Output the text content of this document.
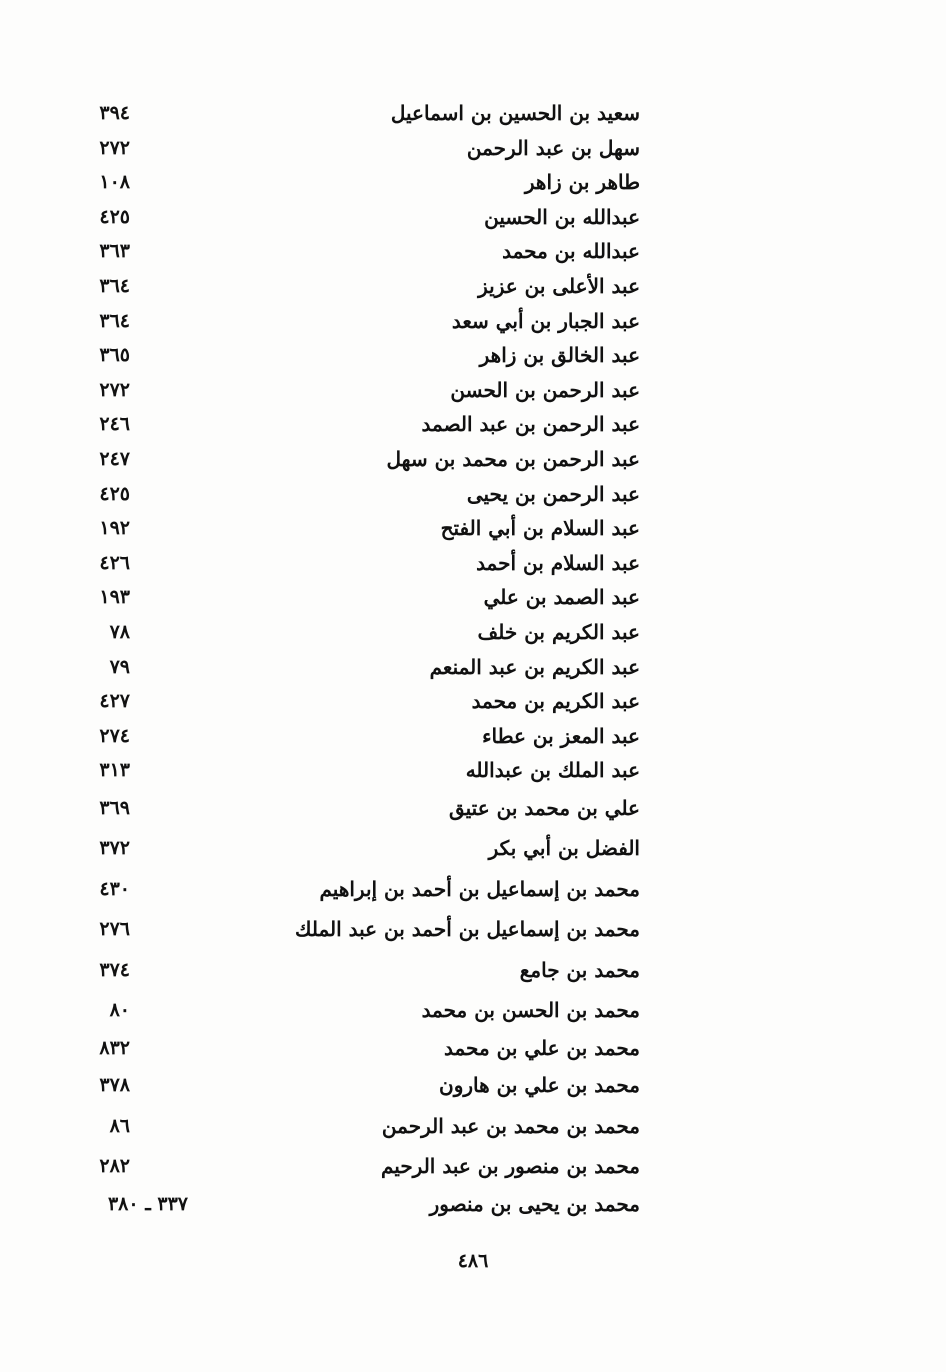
سعيد بن الحسين بن اسماعيل
٣٩٤
سهل بن عبد الرحمن
٢٧٢
طاهر بن زاهر
١٠٨
عبدالله بن الحسين
٤٢٥
عبدالله بن محمد
٣٦٣
عبد الأعلى بن عزيز
٣٦٤
عبد الجبار بن أبي سعد
٣٦٤
عبد الخالق بن زاهر
٣٦٥
عبد الرحمن بن الحسن
٢٧٢
عبد الرحمن بن عبد الصمد
٢٤٦
عبد الرحمن بن محمد بن سهل
٢٤٧
عبد الرحمن بن يحيى
٤٢٥
عبد السلام بن أبي الفتح
١٩٢
عبد السلام بن أحمد
٤٢٦
عبد الصمد بن علي
١٩٣
عبد الكريم بن خلف
٧٨
عبد الكريم بن عبد المنعم
٧٩
عبد الكريم بن محمد
٤٢٧
عبد المعز بن عطاء
٢٧٤
عبد الملك بن عبدالله
٣١٣
علي بن محمد بن عتيق
٣٦٩
الفضل بن أبي بكر
٣٧٢
محمد بن إسماعيل بن أحمد بن إبراهيم
٤٣٠
محمد بن إسماعيل بن أحمد بن عبد الملك
٢٧٦
محمد بن جامع
٣٧٤
محمد بن الحسن بن محمد
٨٠
محمد بن علي بن محمد
٨٣٢
محمد بن علي بن هارون
٣٧٨
محمد بن محمد بن عبد الرحمن
٨٦
محمد بن منصور بن عبد الرحيم
٢٨٢
محمد بن يحيى بن منصور
٣٣٧ ـ ٣٨٠
٤٨٦
